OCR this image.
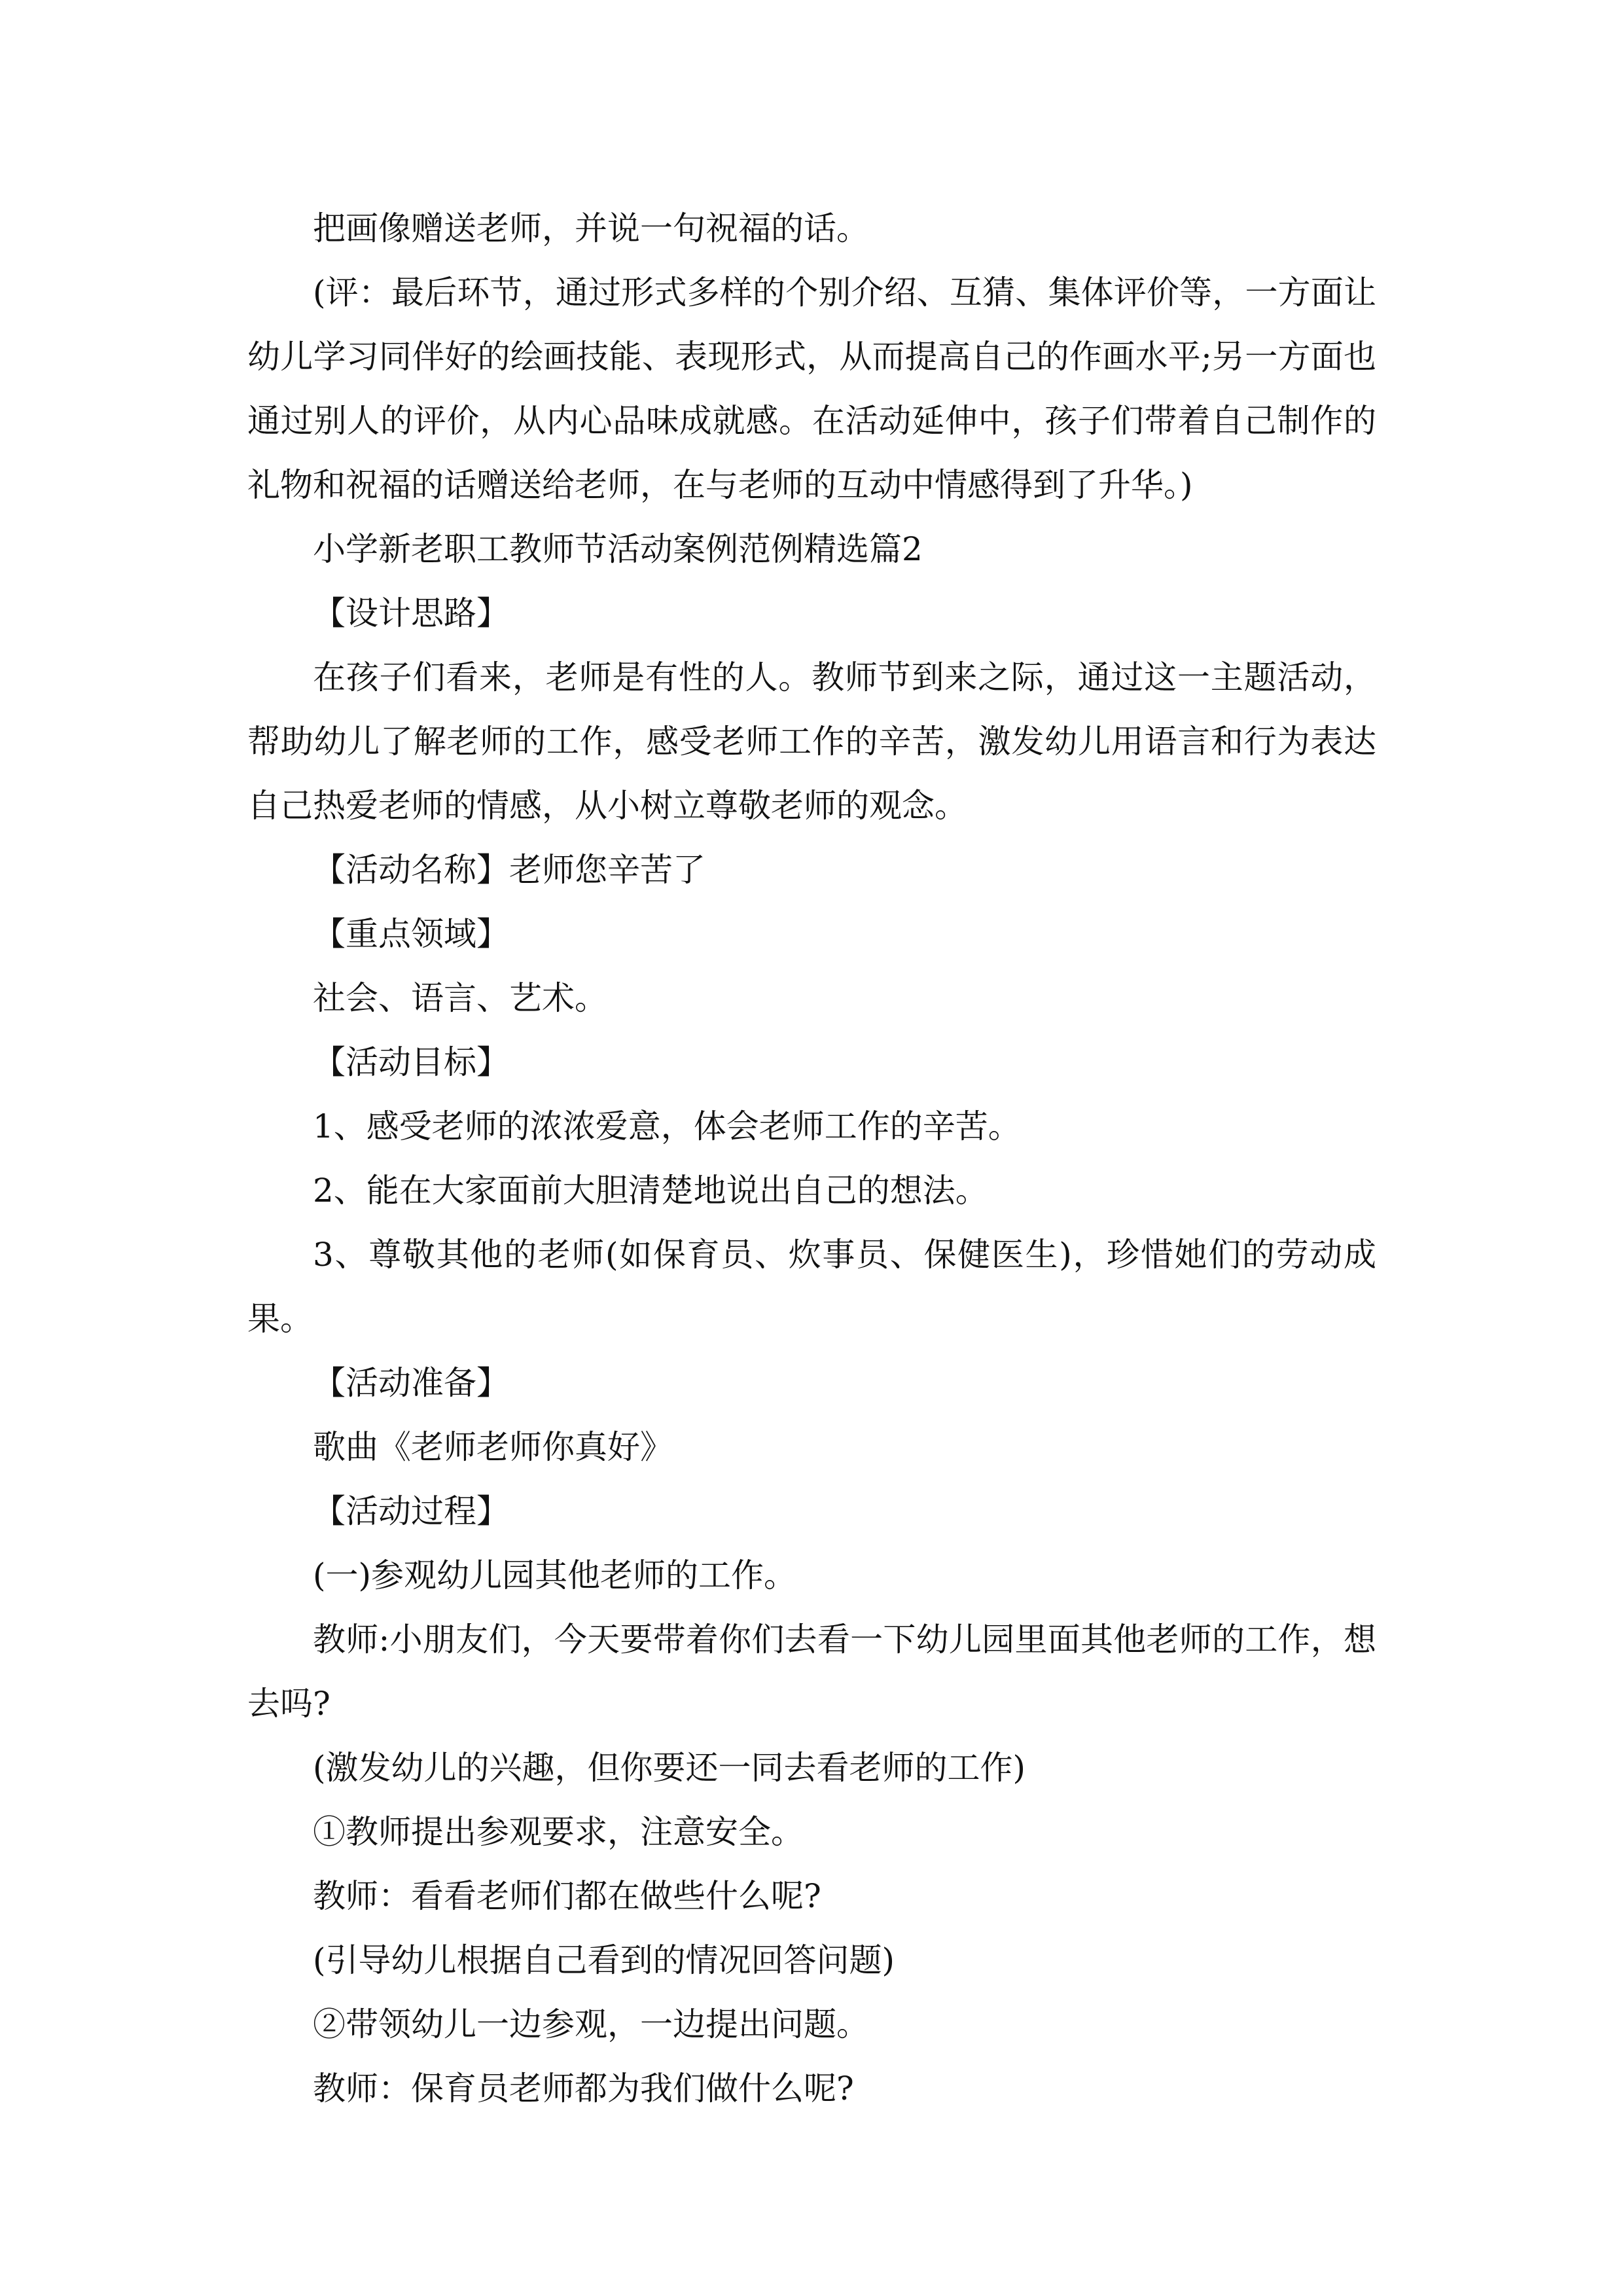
把画像赠送老师，并说一句祝福的话。

(评：最后环节，通过形式多样的个别介绍、互猜、集体评价等，一方面让幼儿学习同伴好的绘画技能、表现形式，从而提高自己的作画水平;另一方面也通过别人的评价，从内心品味成就感。在活动延伸中，孩子们带着自己制作的礼物和祝福的话赠送给老师，在与老师的互动中情感得到了升华。)

小学新老职工教师节活动案例范例精选篇2

【设计思路】

在孩子们看来，老师是有性的人。教师节到来之际，通过这一主题活动，帮助幼儿了解老师的工作，感受老师工作的辛苦，激发幼儿用语言和行为表达自己热爱老师的情感，从小树立尊敬老师的观念。

【活动名称】老师您辛苦了

【重点领域】

社会、语言、艺术。

【活动目标】

1、感受老师的浓浓爱意，体会老师工作的辛苦。

2、能在大家面前大胆清楚地说出自己的想法。

3、尊敬其他的老师(如保育员、炊事员、保健医生)，珍惜她们的劳动成果。

【活动准备】

歌曲《老师老师你真好》

【活动过程】

(一)参观幼儿园其他老师的工作。

教师:小朋友们，今天要带着你们去看一下幼儿园里面其他老师的工作，想去吗?

(激发幼儿的兴趣，但你要还一同去看老师的工作)

①教师提出参观要求，注意安全。

教师：看看老师们都在做些什么呢?

(引导幼儿根据自己看到的情况回答问题)

②带领幼儿一边参观，一边提出问题。

教师：保育员老师都为我们做什么呢?
